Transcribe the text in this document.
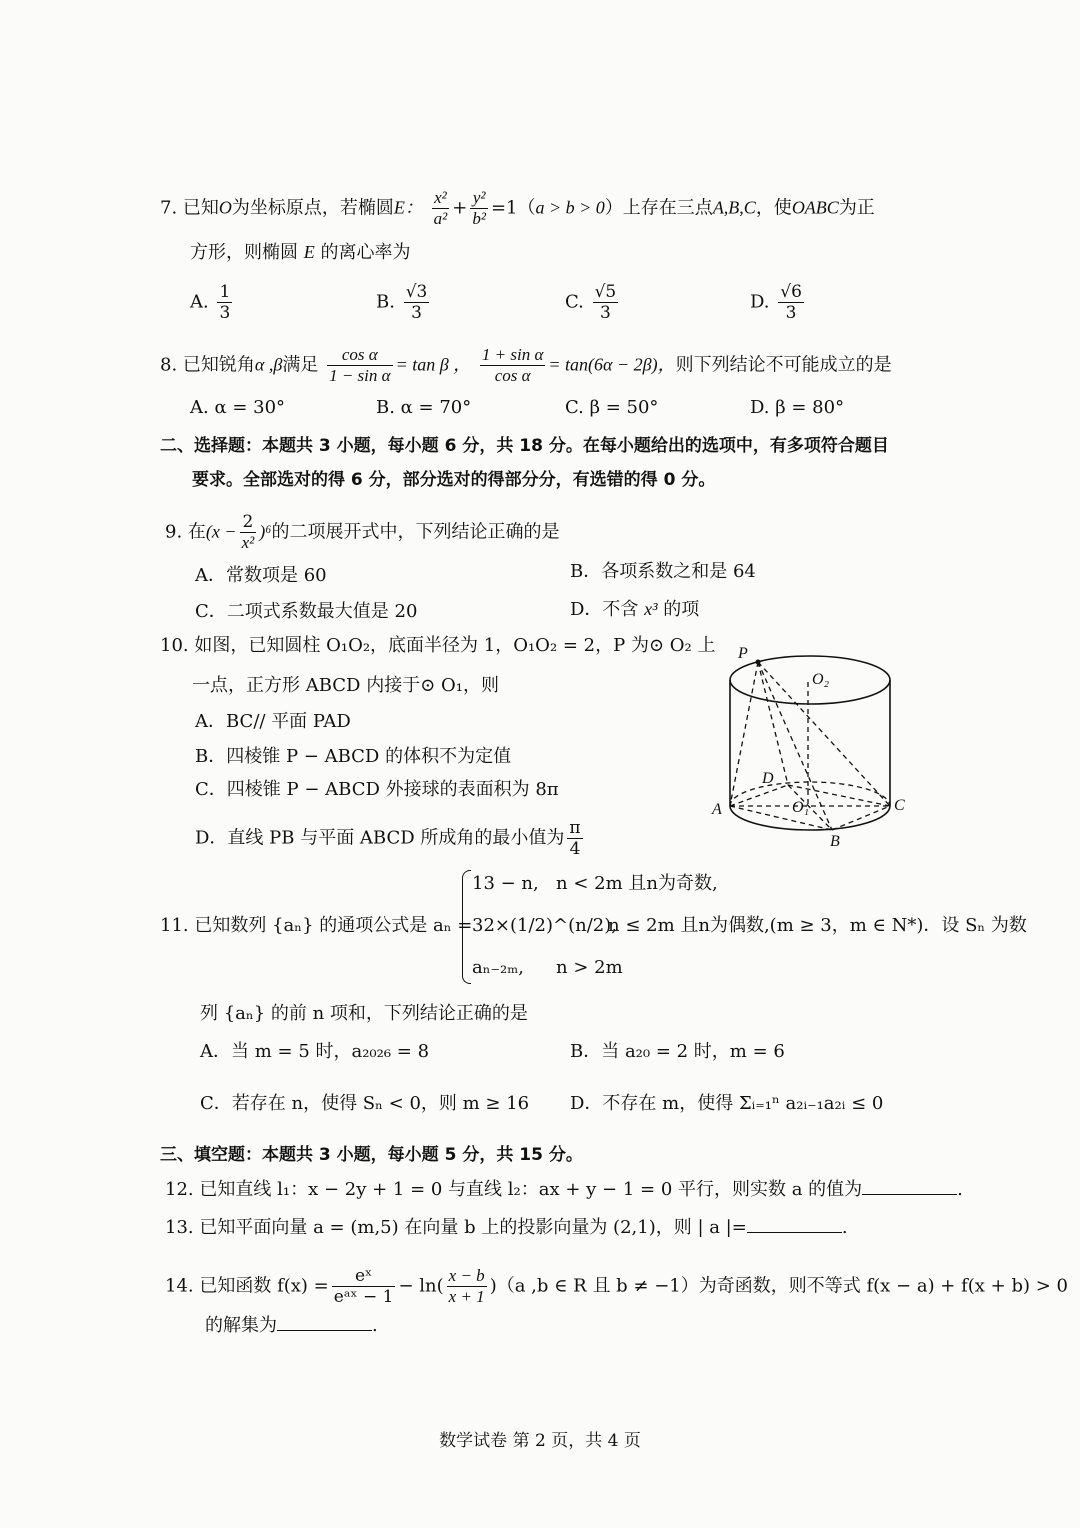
7. 已知O为坐标原点，若椭圆E： $\frac{\text{x²}}{\text{a²}} + \frac{\text{y²}}{\text{b²}} =1(a > b > 0)$上存在三点A,B,C，使OABC为正
方形，则椭圆 E 的离心率为
A. $\frac{1}{3}$	B. $\frac{√3}{3}$	C. $\frac{√5}{3}$	D. $\frac{√6}{3}$
8. 已知锐角α ,β满足 $\frac{\text{cos α}}{\text{1 − sin α}} = \tan \beta$ ， $\frac{\text{1 + sin α}}{\text{cos α}} = \tan(6\alpha - 2\beta)$，则下列结论不可能成立的是
A. α = 30°	B. α = 70°	C. β = 50°	D. β = 80°
二、选择题：本题共 3 小题，每小题 6 分，共 18 分。在每小题给出的选项中，有多项符合题目
要求。全部选对的得 6 分，部分选对的得部分分，有选错的得 0 分。
9. 在$(x - \frac{2}{\text{x²}} )^6$的二项展开式中，下列结论正确的是
A．常数项是 60	B．各项系数之和是 64
C．二项式系数最大值是 20	D．不含 x³ 的项
10. 如图，已知圆柱 O₁O₂，底面半径为 1，O₁O₂ = 2，P 为⊙ O₂ 上
一点，正方形 ABCD 内接于⊙ O₁，则
A．BC// 平面 PAD
B．四棱锥 P − ABCD 的体积不为定值
C．四棱锥 P − ABCD 外接球的表面积为 8π
D．直线 PB 与平面 ABCD 所成角的最小值为 $\frac{\pi}{4}$
P
O₂
D
O₁
A
B
C
11. 已知数列 {aₙ} 的通项公式是 aₙ =
13 − n, n < 2m 且n为奇数,
32×(1/2)^(n/2),
n ≤ 2m 且n为偶数,(m ≥ 3，m ∈ N*)．设 Sₙ 为数
aₙ₋₂ₘ, n > 2m
列 {aₙ} 的前 n 项和，下列结论正确的是
A．当 m = 5 时，a₂₀₂₆ = 8	B．当 a₂₀ = 2 时，m = 6
C．若存在 n，使得 Sₙ < 0，则 m ≥ 16 D．不存在 m，使得 Σᵢ₌₁ⁿ a₂ᵢ₋₁a₂ᵢ ≤ 0
三、填空题：本题共 3 小题，每小题 5 分，共 15 分。
12. 已知直线 l₁：x − 2y + 1 = 0 与直线 l₂：ax + y − 1 = 0 平行，则实数 a 的值为	.
13. 已知平面向量 a = (m,5) 在向量 b 上的投影向量为 (2,1)，则 | a |=	.
14. 已知函数 $f(x) = \frac{\text{eˣ}}{\text{eᵃˣ − 1}} - \ln( \frac{x - b}{x + 1} )(a$ ,b ∈ R 且 b ≠ −1）为奇函数，则不等式 f(x − a) + f(x + b) > 0
的解集为	.
数学试卷 第 2 页，共 4 页
